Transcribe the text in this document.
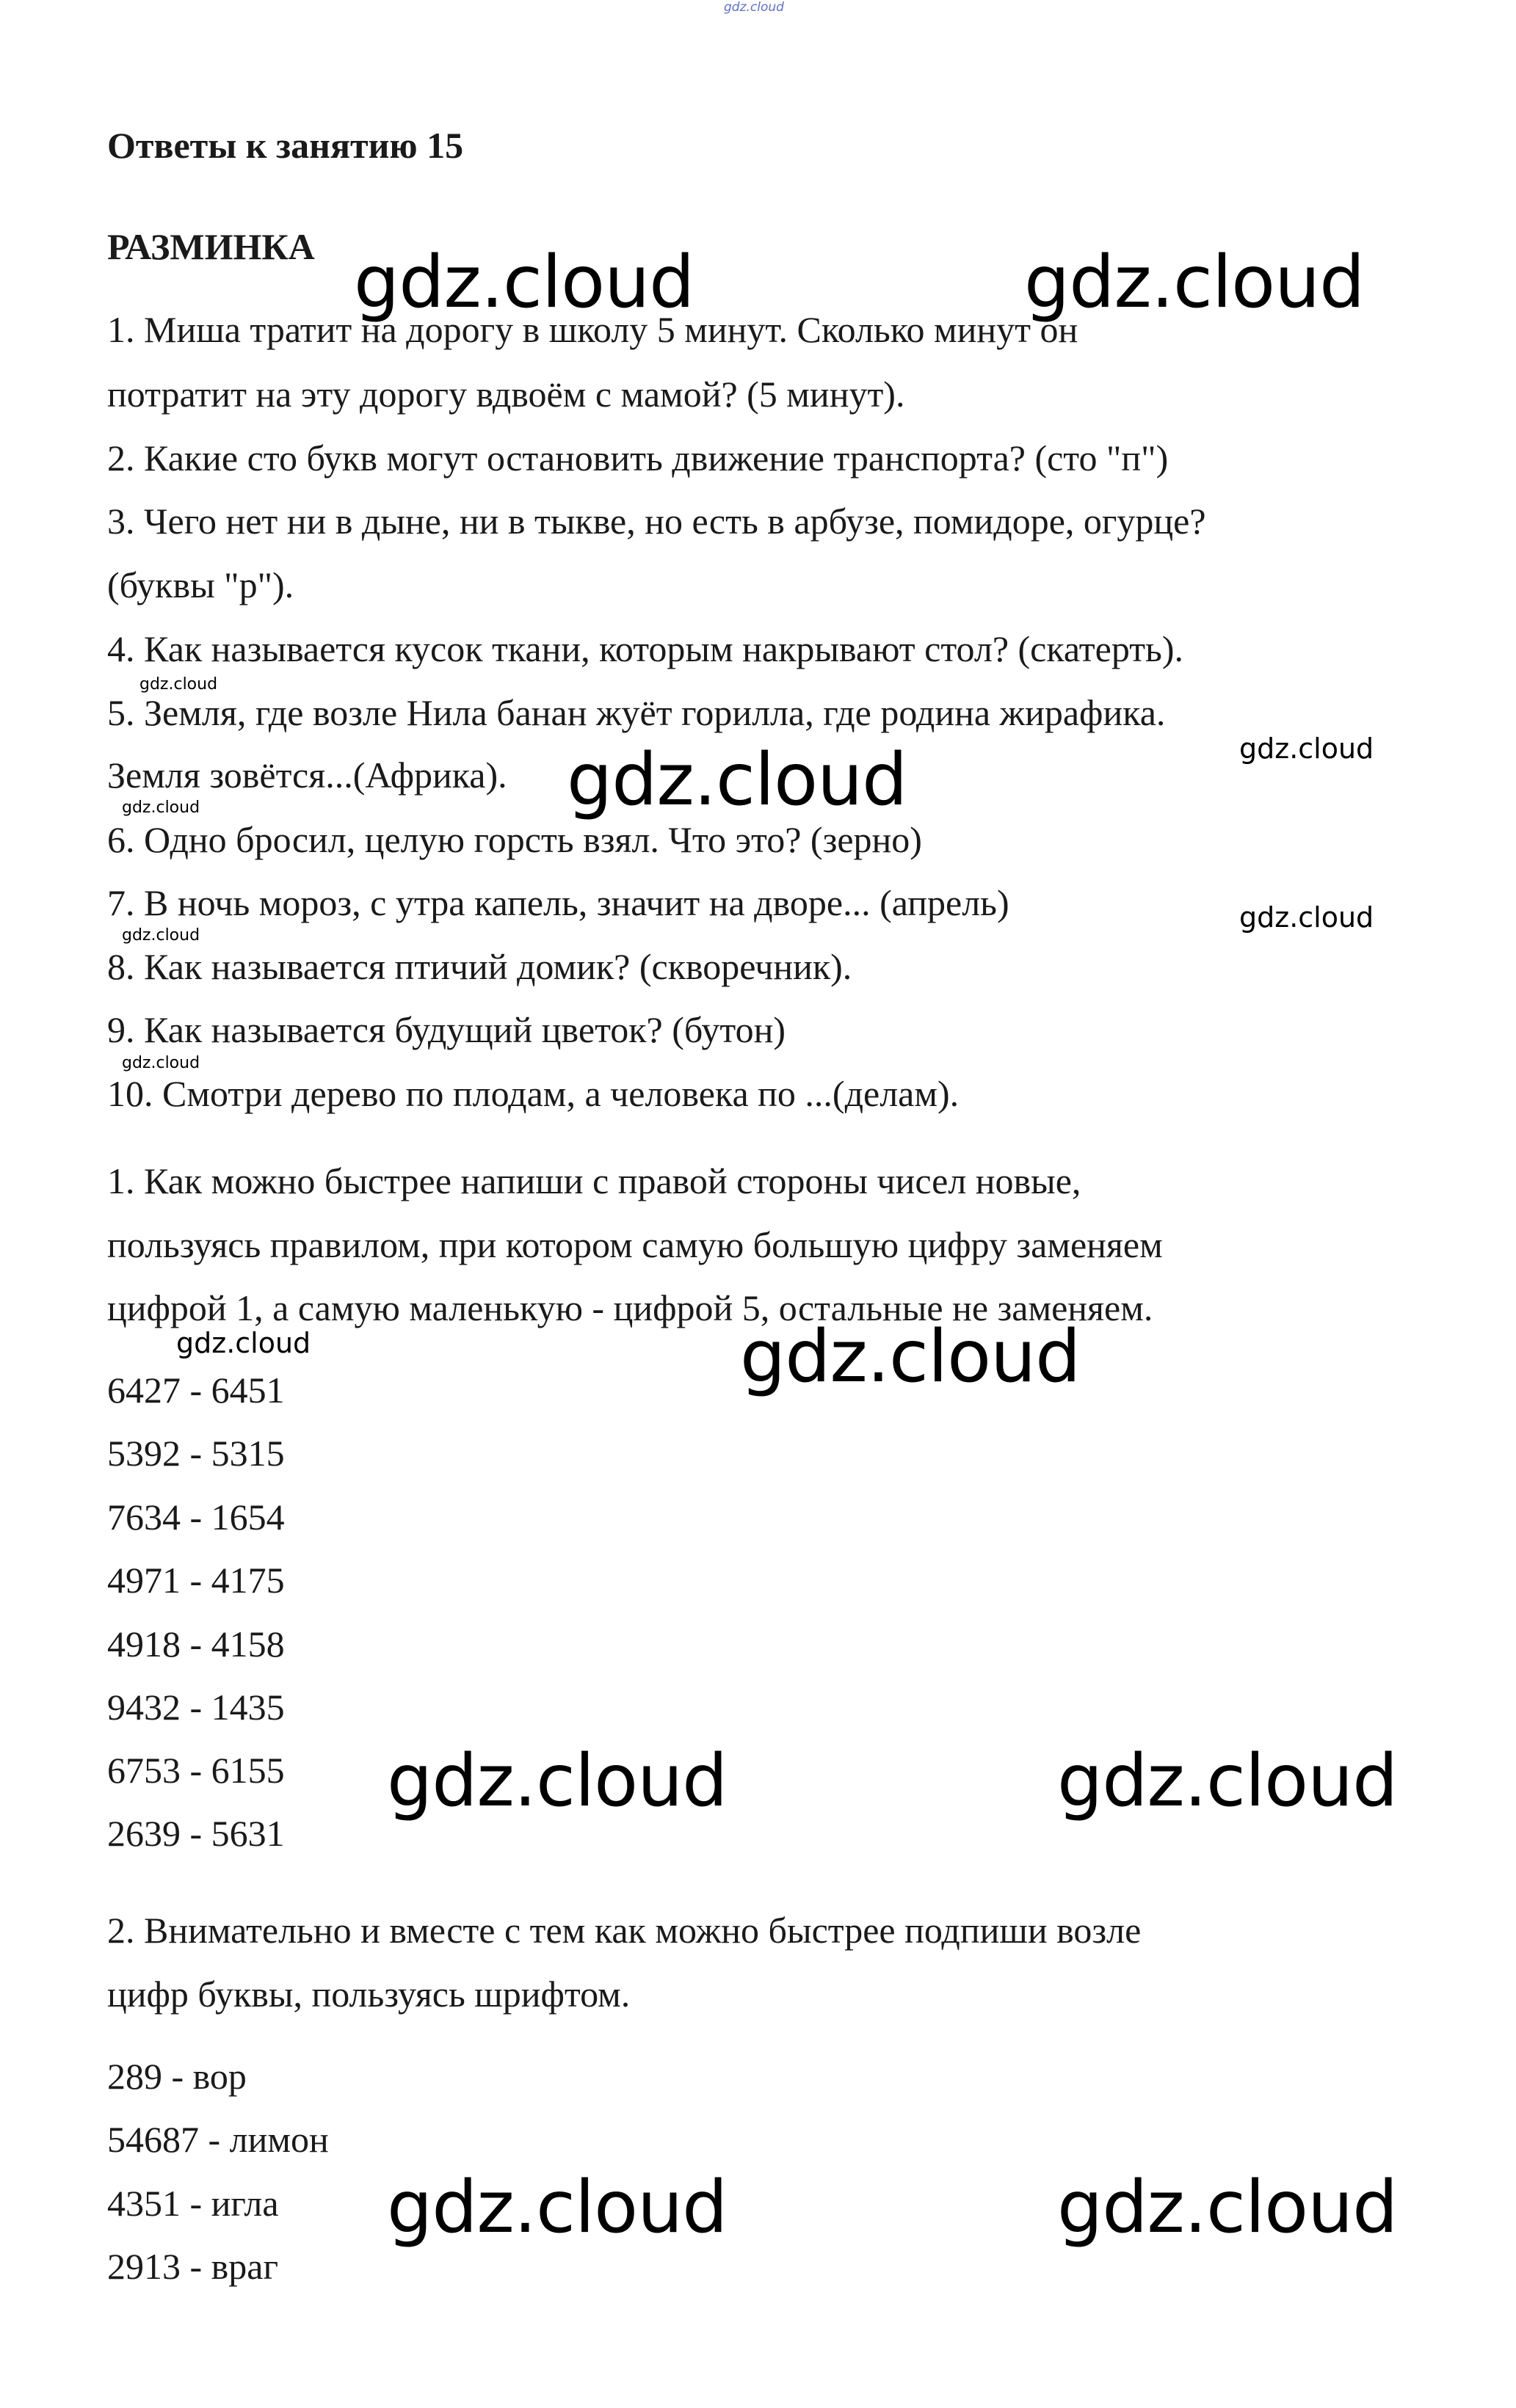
gdz.cloud
Ответы к занятию 15
РАЗМИНКА
1. Миша тратит на дорогу в школу 5 минут. Сколько минут он
потратит на эту дорогу вдвоём с мамой? (5 минут).
2. Какие сто букв могут остановить движение транспорта? (сто "п")
3. Чего нет ни в дыне, ни в тыкве, но есть в арбузе, помидоре, огурце?
(буквы "р").
4. Как называется кусок ткани, которым накрывают стол? (скатерть).
5. Земля, где возле Нила банан жуёт горилла, где родина жирафика.
Земля зовётся...(Африка).
6. Одно бросил, целую горсть взял. Что это? (зерно)
7. В ночь мороз, с утра капель, значит на дворе... (апрель)
8. Как называется птичий домик? (скворечник).
9. Как называется будущий цветок? (бутон)
10. Смотри дерево по плодам, а человека по ...(делам).
1. Как можно быстрее напиши с правой стороны чисел новые,
пользуясь правилом, при котором самую большую цифру заменяем
цифрой 1, а самую маленькую - цифрой 5, остальные не заменяем.
6427 - 6451
5392 - 5315
7634 - 1654
4971 - 4175
4918 - 4158
9432 - 1435
6753 - 6155
2639 - 5631
2. Внимательно и вместе с тем как можно быстрее подпиши возле
цифр буквы, пользуясь шрифтом.
289 - вор
54687 - лимон
4351 - игла
2913 - враг
gdz.cloud	gdz.cloud
gdz.cloud
gdz.cloud
gdz.cloud
gdz.cloud
gdz.cloud
gdz.cloud
gdz.cloud
gdz.cloud	gdz.cloud
gdz.cloud	gdz.cloud
gdz.cloud	gdz.cloud
